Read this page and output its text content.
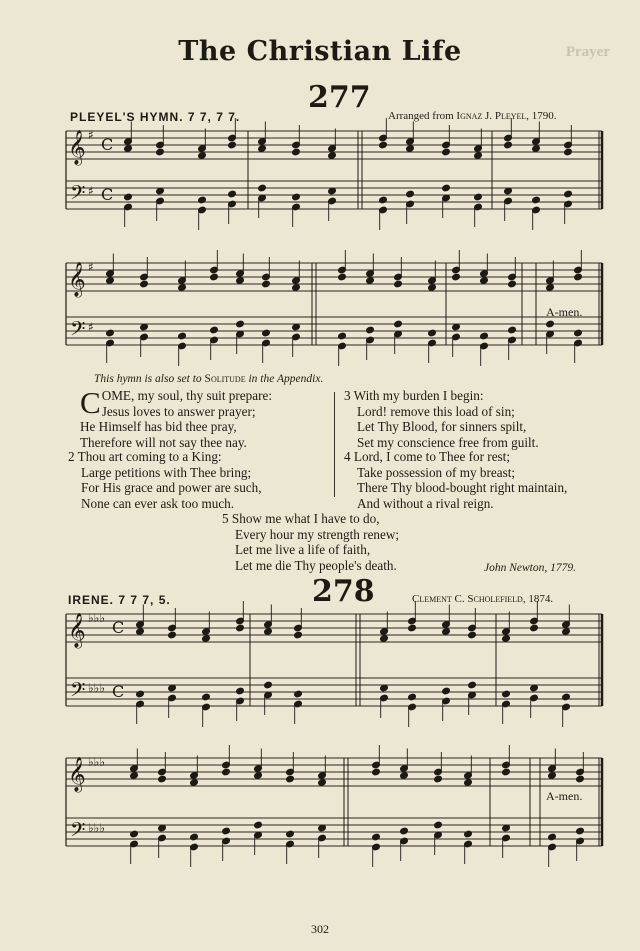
The Christian Life	Prayer
277
PLEYEL'S HYMN. 7 7, 7 7.	Arranged from Ignaz J. Pleyel, 1790.
𝄞
𝄢
♯
♯
C
C
𝄞
𝄢
♯
♯
𝄞
𝄢
♭♭♭
♭♭♭
C
C
𝄞
𝄢
♭♭♭
♭♭♭
A-men.
A-men.
This hymn is also set to Solitude in the Appendix.
C OME, my soul, thy suit prepare:
Jesus loves to answer prayer;
He Himself has bid thee pray,
Therefore will not say thee nay.
2 Thou art coming to a King:
Large petitions with Thee bring;
For His grace and power are such,
None can ever ask too much.
3 With my burden I begin:
Lord! remove this load of sin;
Let Thy Blood, for sinners spilt,
Set my conscience free from guilt.
4 Lord, I come to Thee for rest;
Take possession of my breast;
There Thy blood-bought right maintain,
And without a rival reign.
5 Show me what I have to do,
Every hour my strength renew;
Let me live a life of faith,
Let me die Thy people's death.	John Newton, 1779.
278
IRENE. 7 7 7, 5.	Clement C. Scholefield, 1874.
302
